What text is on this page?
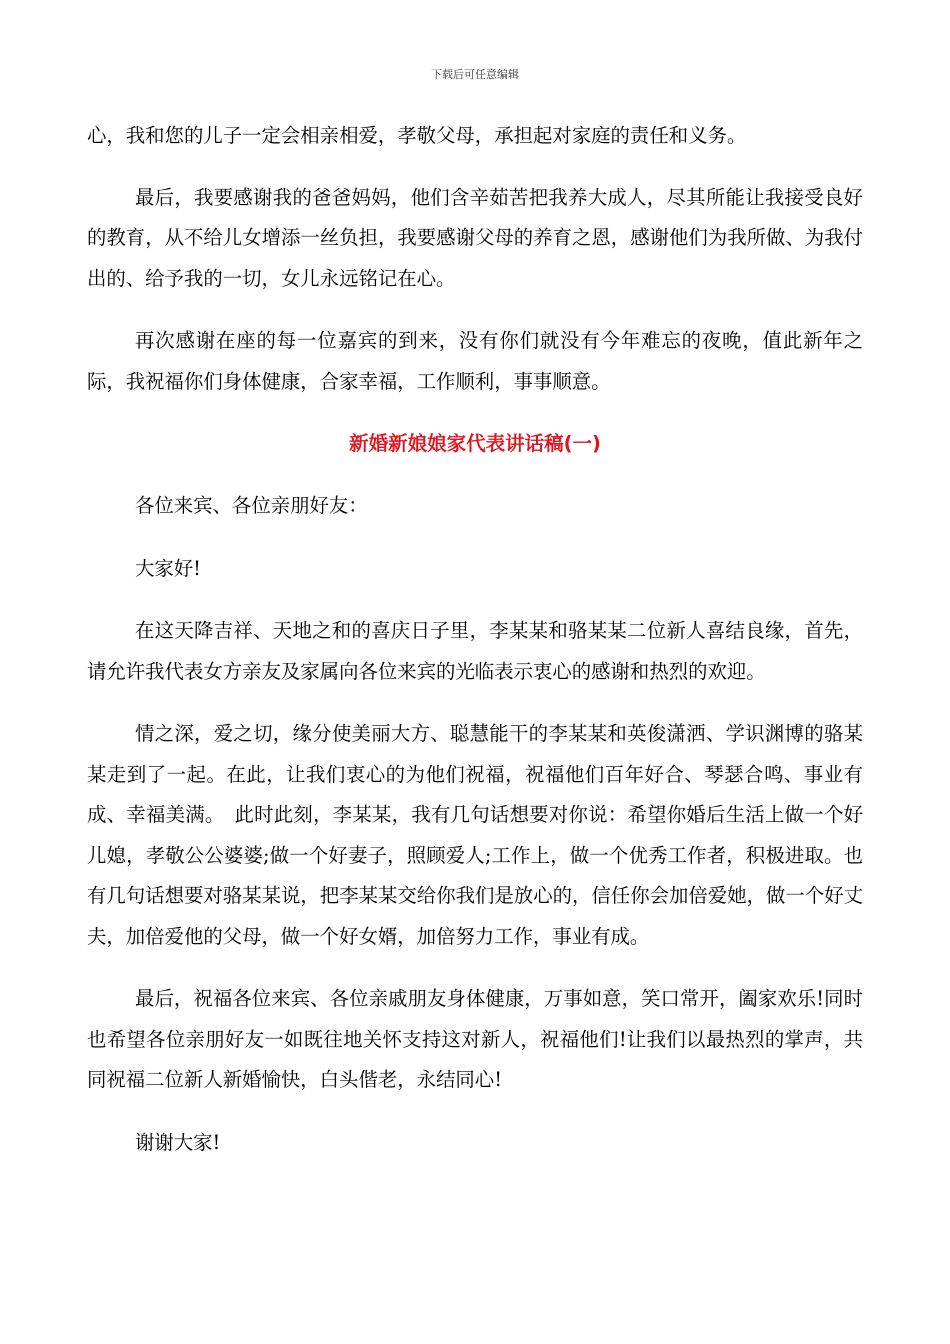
下载后可任意编辑

心，我和您的儿子一定会相亲相爱，孝敬父母，承担起对家庭的责任和义务。

最后，我要感谢我的爸爸妈妈，他们含辛茹苦把我养大成人，尽其所能让我接受良好的教育，从不给儿女增添一丝负担，我要感谢父母的养育之恩，感谢他们为我所做、为我付出的、给予我的一切，女儿永远铭记在心。

再次感谢在座的每一位嘉宾的到来，没有你们就没有今年难忘的夜晚，值此新年之际，我祝福你们身体健康，合家幸福，工作顺利，事事顺意。

新婚新娘娘家代表讲话稿(一)

各位来宾、各位亲朋好友：

大家好!

在这天降吉祥、天地之和的喜庆日子里，李某某和骆某某二位新人喜结良缘，首先，请允许我代表女方亲友及家属向各位来宾的光临表示衷心的感谢和热烈的欢迎。

情之深，爱之切，缘分使美丽大方、聪慧能干的李某某和英俊潇洒、学识渊博的骆某某走到了一起。在此，让我们衷心的为他们祝福，祝福他们百年好合、琴瑟合鸣、事业有成、幸福美满。　此时此刻，李某某，我有几句话想要对你说：希望你婚后生活上做一个好儿媳，孝敬公公婆婆;做一个好妻子，照顾爱人;工作上，做一个优秀工作者，积极进取。也有几句话想要对骆某某说，把李某某交给你我们是放心的，信任你会加倍爱她，做一个好丈夫，加倍爱他的父母，做一个好女婿，加倍努力工作，事业有成。

最后，祝福各位来宾、各位亲戚朋友身体健康，万事如意，笑口常开，阖家欢乐!同时也希望各位亲朋好友一如既往地关怀支持这对新人，祝福他们!让我们以最热烈的掌声，共同祝福二位新人新婚愉快，白头偕老，永结同心!

谢谢大家!
